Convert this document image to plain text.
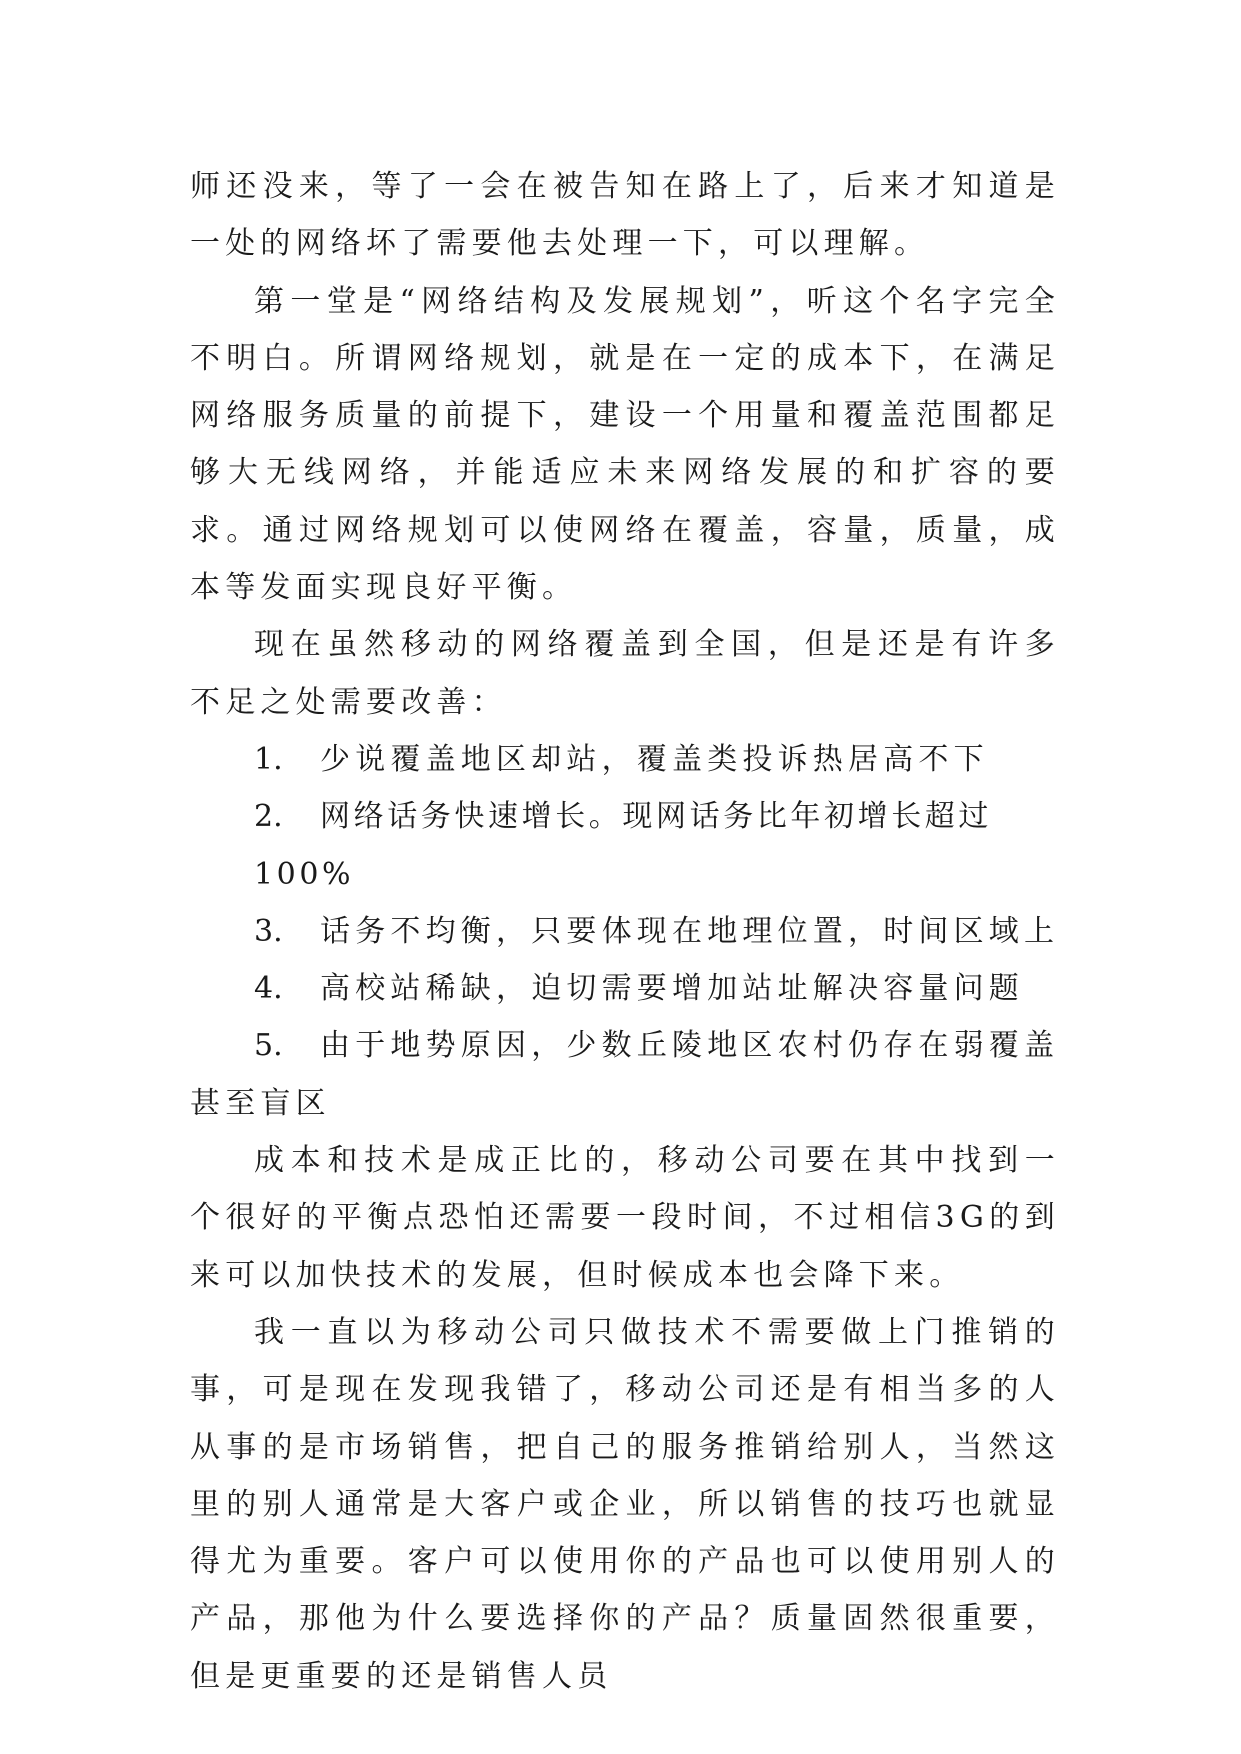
师还没来，等了一会在被告知在路上了，后来才知道是一处的网络坏了需要他去处理一下，可以理解。

第一堂是“网络结构及发展规划”，听这个名字完全不明白。所谓网络规划，就是在一定的成本下，在满足网络服务质量的前提下，建设一个用量和覆盖范围都足够大无线网络，并能适应未来网络发展的和扩容的要求。通过网络规划可以使网络在覆盖，容量，质量，成本等发面实现良好平衡。

现在虽然移动的网络覆盖到全国，但是还是有许多不足之处需要改善：

1. 少说覆盖地区却站，覆盖类投诉热居高不下

2. 网络话务快速增长。现网话务比年初增长超过100%

3. 话务不均衡，只要体现在地理位置，时间区域上

4. 高校站稀缺，迫切需要增加站址解决容量问题

5. 由于地势原因，少数丘陵地区农村仍存在弱覆盖甚至盲区

成本和技术是成正比的，移动公司要在其中找到一个很好的平衡点恐怕还需要一段时间，不过相信3G的到来可以加快技术的发展，但时候成本也会降下来。

我一直以为移动公司只做技术不需要做上门推销的事，可是现在发现我错了，移动公司还是有相当多的人从事的是市场销售，把自己的服务推销给别人，当然这里的别人通常是大客户或企业，所以销售的技巧也就显得尤为重要。客户可以使用你的产品也可以使用别人的产品，那他为什么要选择你的产品？质量固然很重要，但是更重要的还是销售人员
